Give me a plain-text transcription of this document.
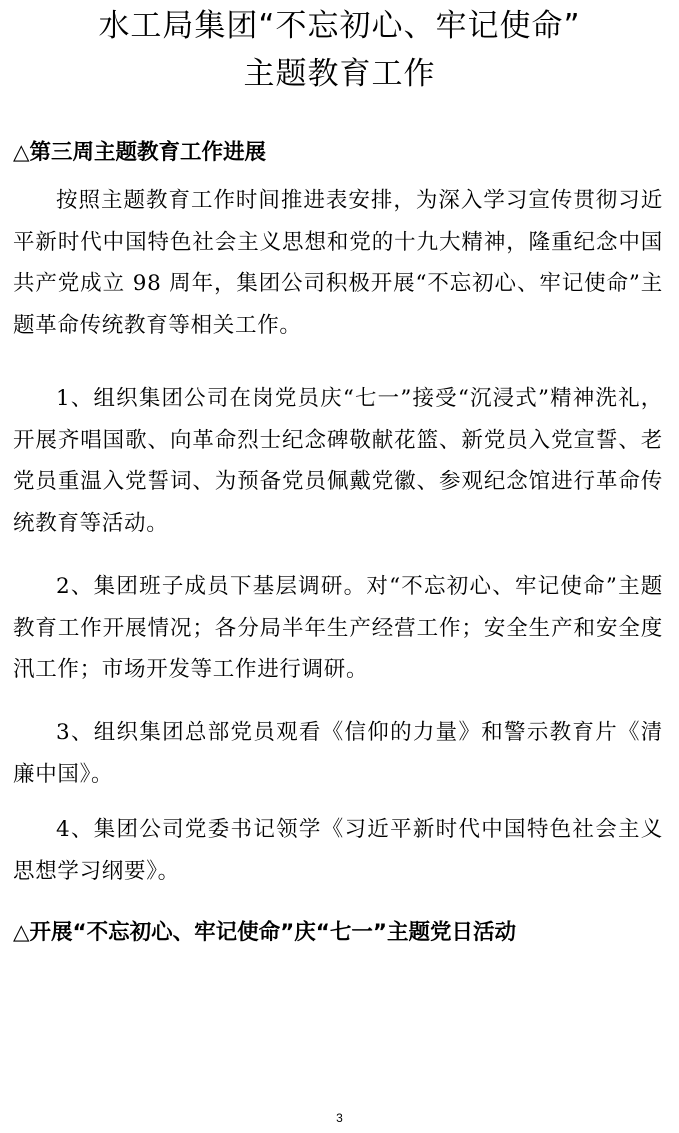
水工局集团“不忘初心、牢记使命”
主题教育工作
△第三周主题教育工作进展

按照主题教育工作时间推进表安排，为深入学习宣传贯彻习近平新时代中国特色社会主义思想和党的十九大精神，隆重纪念中国共产党成立 98 周年，集团公司积极开展“不忘初心、牢记使命”主题革命传统教育等相关工作。

1、组织集团公司在岗党员庆“七一”接受“沉浸式”精神洗礼，开展齐唱国歌、向革命烈士纪念碑敬献花篮、新党员入党宣誓、老党员重温入党誓词、为预备党员佩戴党徽、参观纪念馆进行革命传统教育等活动。

2、集团班子成员下基层调研。对“不忘初心、牢记使命”主题教育工作开展情况；各分局半年生产经营工作；安全生产和安全度汛工作；市场开发等工作进行调研。

3、组织集团总部党员观看《信仰的力量》和警示教育片《清廉中国》。

4、集团公司党委书记领学《习近平新时代中国特色社会主义思想学习纲要》。

△开展“不忘初心、牢记使命”庆“七一”主题党日活动
3
